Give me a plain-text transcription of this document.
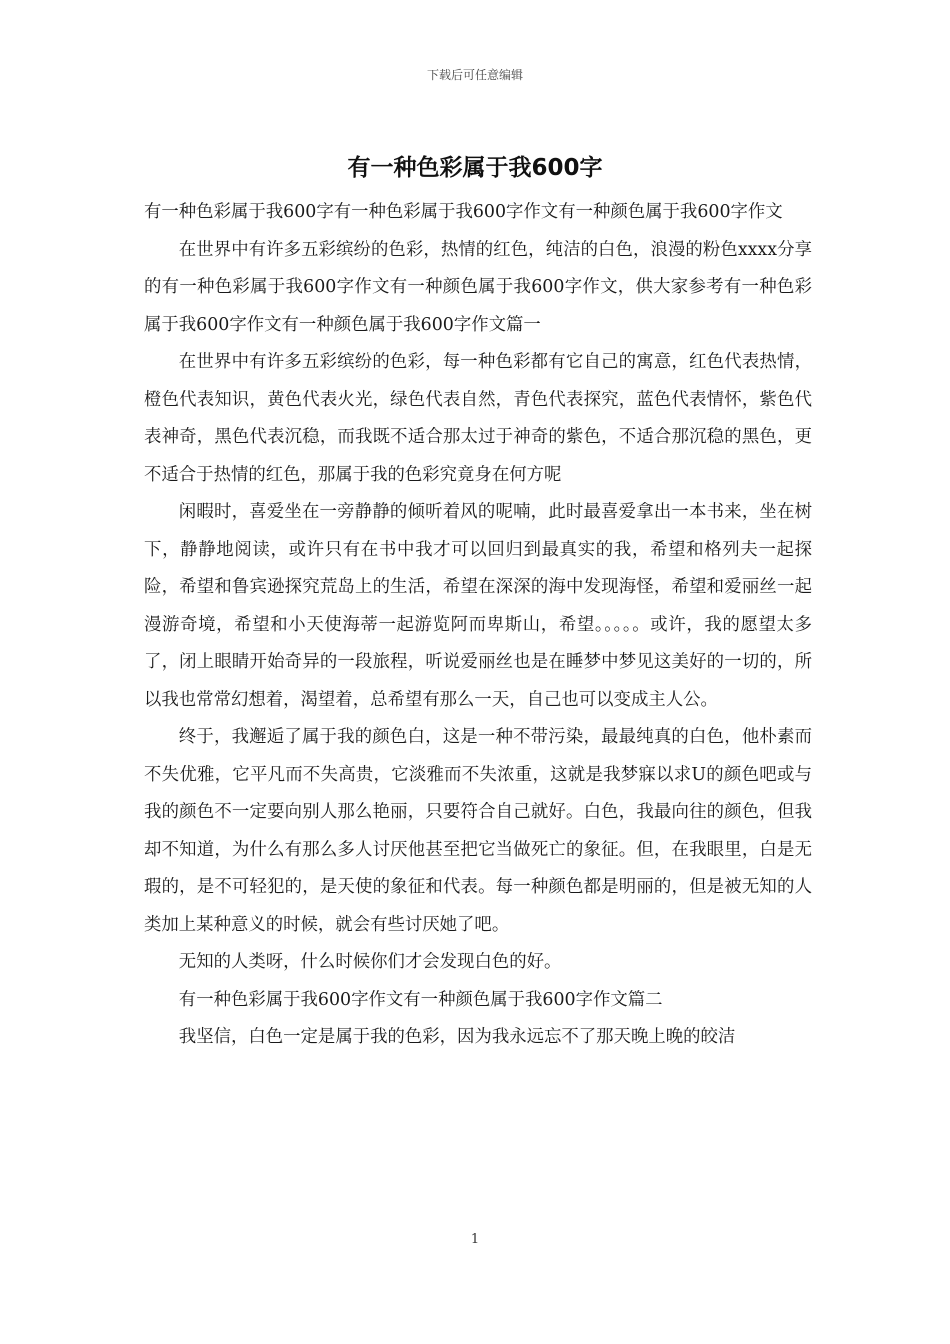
下载后可任意编辑
有一种色彩属于我600字

有一种色彩属于我600字有一种色彩属于我600字作文有一种颜色属于我600字作文

在世界中有许多五彩缤纷的色彩，热情的红色，纯洁的白色，浪漫的粉色xxxx分享的有一种色彩属于我600字作文有一种颜色属于我600字作文，供大家参考有一种色彩属于我600字作文有一种颜色属于我600字作文篇一

在世界中有许多五彩缤纷的色彩，每一种色彩都有它自己的寓意，红色代表热情，橙色代表知识，黄色代表火光，绿色代表自然，青色代表探究，蓝色代表情怀，紫色代表神奇，黑色代表沉稳，而我既不适合那太过于神奇的紫色，不适合那沉稳的黑色，更不适合于热情的红色，那属于我的色彩究竟身在何方呢

闲暇时，喜爱坐在一旁静静的倾听着风的呢喃，此时最喜爱拿出一本书来，坐在树下，静静地阅读，或许只有在书中我才可以回归到最真实的我，希望和格列夫一起探险，希望和鲁宾逊探究荒岛上的生活，希望在深深的海中发现海怪，希望和爱丽丝一起漫游奇境，希望和小天使海蒂一起游览阿而卑斯山，希望。。。。。或许，我的愿望太多了，闭上眼睛开始奇异的一段旅程，听说爱丽丝也是在睡梦中梦见这美好的一切的，所以我也常常幻想着，渴望着，总希望有那么一天，自己也可以变成主人公。

终于，我邂逅了属于我的颜色白，这是一种不带污染，最最纯真的白色，他朴素而不失优雅，它平凡而不失高贵，它淡雅而不失浓重，这就是我梦寐以求U的颜色吧或与我的颜色不一定要向别人那么艳丽，只要符合自己就好。白色，我最向往的颜色，但我却不知道，为什么有那么多人讨厌他甚至把它当做死亡的象征。但，在我眼里，白是无瑕的，是不可轻犯的，是天使的象征和代表。每一种颜色都是明丽的，但是被无知的人类加上某种意义的时候，就会有些讨厌她了吧。

无知的人类呀，什么时候你们才会发现白色的好。

有一种色彩属于我600字作文有一种颜色属于我600字作文篇二

我坚信，白色一定是属于我的色彩，因为我永远忘不了那天晚上晚的皎洁

1
